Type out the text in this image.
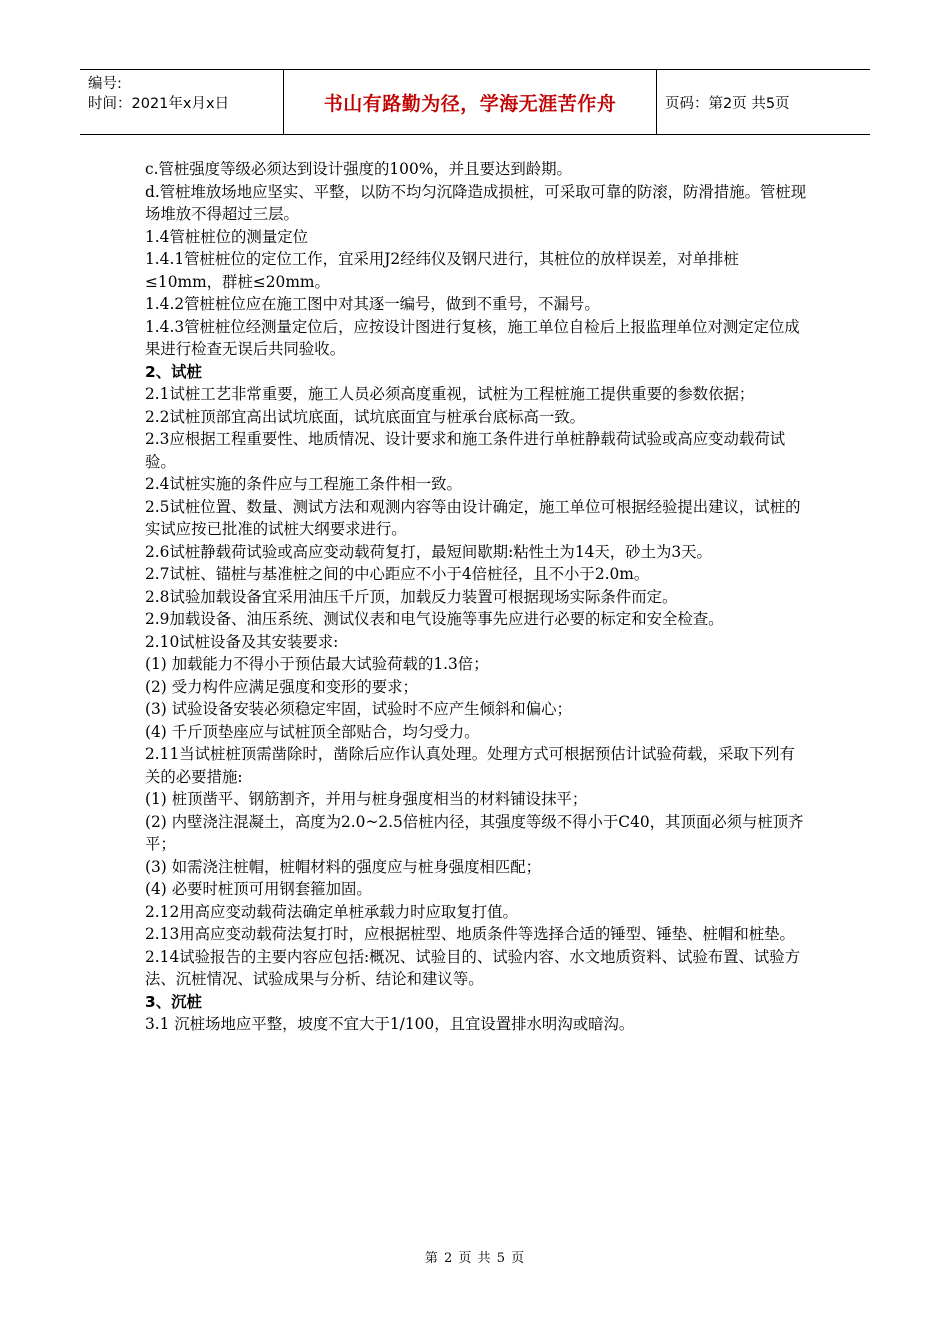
编号:
时间：2021年x月x日	书山有路勤为径，学海无涯苦作舟	页码：第2页 共5页

c.管桩强度等级必须达到设计强度的100%，并且要达到龄期。

d.管桩堆放场地应坚实、平整，以防不均匀沉降造成损桩，可采取可靠的防滚，防滑措施。管桩现场堆放不得超过三层。

1.4管桩桩位的测量定位

1.4.1管桩桩位的定位工作，宜采用J2经纬仪及钢尺进行，其桩位的放样误差，对单排桩≤10mm，群桩≤20mm。

1.4.2管桩桩位应在施工图中对其逐一编号，做到不重号，不漏号。

1.4.3管桩桩位经测量定位后，应按设计图进行复核，施工单位自检后上报监理单位对测定定位成果进行检查无误后共同验收。

2、试桩

2.1试桩工艺非常重要，施工人员必须高度重视，试桩为工程桩施工提供重要的参数依据；

2.2试桩顶部宜高出试坑底面，试坑底面宜与桩承台底标高一致。

2.3应根据工程重要性、地质情况、设计要求和施工条件进行单桩静载荷试验或高应变动载荷试验。

2.4试桩实施的条件应与工程施工条件相一致。

2.5试桩位置、数量、测试方法和观测内容等由设计确定，施工单位可根据经验提出建议，试桩的实试应按已批准的试桩大纲要求进行。

2.6试桩静载荷试验或高应变动载荷复打，最短间歇期:粘性土为14天，砂土为3天。

2.7试桩、锚桩与基准桩之间的中心距应不小于4倍桩径，且不小于2.0m。

2.8试验加载设备宜采用油压千斤顶，加载反力装置可根据现场实际条件而定。

2.9加载设备、油压系统、测试仪表和电气设施等事先应进行必要的标定和安全检查。

2.10试桩设备及其安装要求:

(1) 加载能力不得小于预估最大试验荷载的1.3倍；

(2) 受力构件应满足强度和变形的要求；

(3) 试验设备安装必须稳定牢固，试验时不应产生倾斜和偏心；

(4) 千斤顶垫座应与试桩顶全部贴合，均匀受力。

2.11当试桩桩顶需凿除时，凿除后应作认真处理。处理方式可根据预估计试验荷载，采取下列有关的必要措施:

(1) 桩顶凿平、钢筋割齐，并用与桩身强度相当的材料铺设抹平；

(2) 内壁浇注混凝土，高度为2.0~2.5倍桩内径，其强度等级不得小于C40，其顶面必须与桩顶齐平；

(3) 如需浇注桩帽，桩帽材料的强度应与桩身强度相匹配；

(4) 必要时桩顶可用钢套箍加固。

2.12用高应变动载荷法确定单桩承载力时应取复打值。

2.13用高应变动载荷法复打时，应根据桩型、地质条件等选择合适的锤型、锤垫、桩帽和桩垫。

2.14试验报告的主要内容应包括:概况、试验目的、试验内容、水文地质资料、试验布置、试验方法、沉桩情况、试验成果与分析、结论和建议等。

3、沉桩

3.1 沉桩场地应平整，坡度不宜大于1/100，且宜设置排水明沟或暗沟。

第 2 页 共 5 页
